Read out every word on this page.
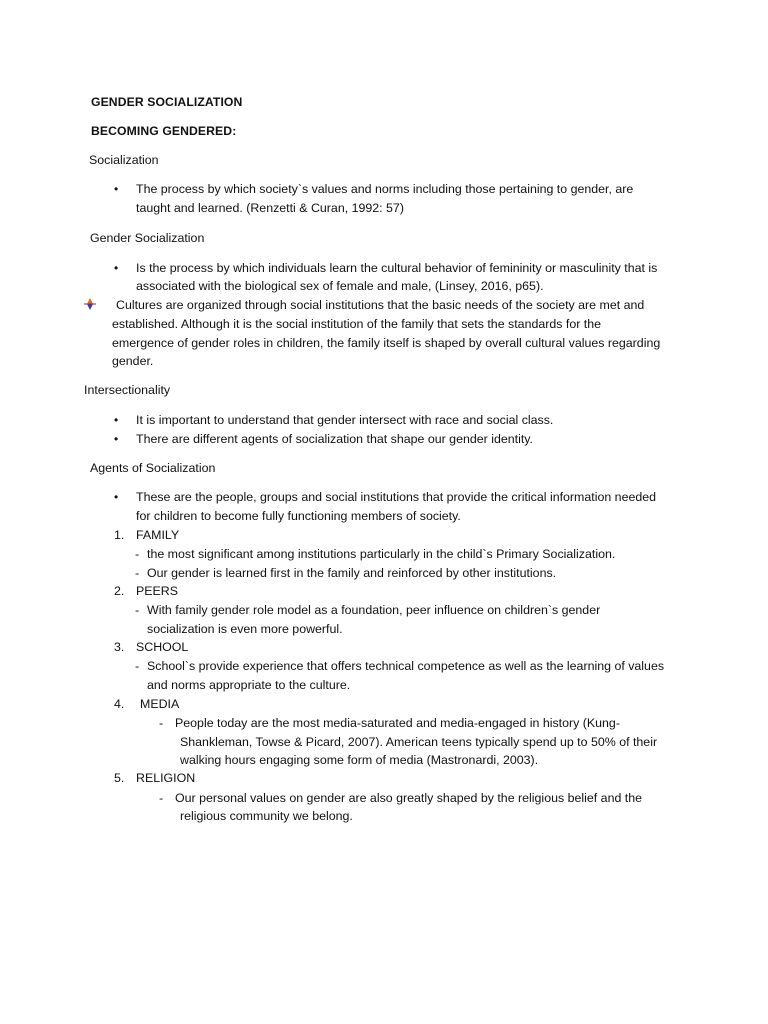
GENDER SOCIALIZATION
BECOMING GENDERED:
Socialization
• The process by which society`s values and norms including those pertaining to gender, are
taught and learned. (Renzetti & Curan, 1992: 57)
Gender Socialization
• Is the process by which individuals learn the cultural behavior of femininity or masculinity that is
associated with the biological sex of female and male, (Linsey, 2016, p65).
Cultures are organized through social institutions that the basic needs of the society are met and
established. Although it is the social institution of the family that sets the standards for the
emergence of gender roles in children, the family itself is shaped by overall cultural values regarding
gender.
Intersectionality
• It is important to understand that gender intersect with race and social class.
• There are different agents of socialization that shape our gender identity.
Agents of Socialization
• These are the people, groups and social institutions that provide the critical information needed
for children to become fully functioning members of society.
1. FAMILY
- the most significant among institutions particularly in the child`s Primary Socialization.
- Our gender is learned first in the family and reinforced by other institutions.
2. PEERS
- With family gender role model as a foundation, peer influence on children`s gender
socialization is even more powerful.
3. SCHOOL
- School`s provide experience that offers technical competence as well as the learning of values
and norms appropriate to the culture.
4. MEDIA
- People today are the most media-saturated and media-engaged in history (Kung-
Shankleman, Towse & Picard, 2007). American teens typically spend up to 50% of their
walking hours engaging some form of media (Mastronardi, 2003).
5. RELIGION
- Our personal values on gender are also greatly shaped by the religious belief and the
religious community we belong.
